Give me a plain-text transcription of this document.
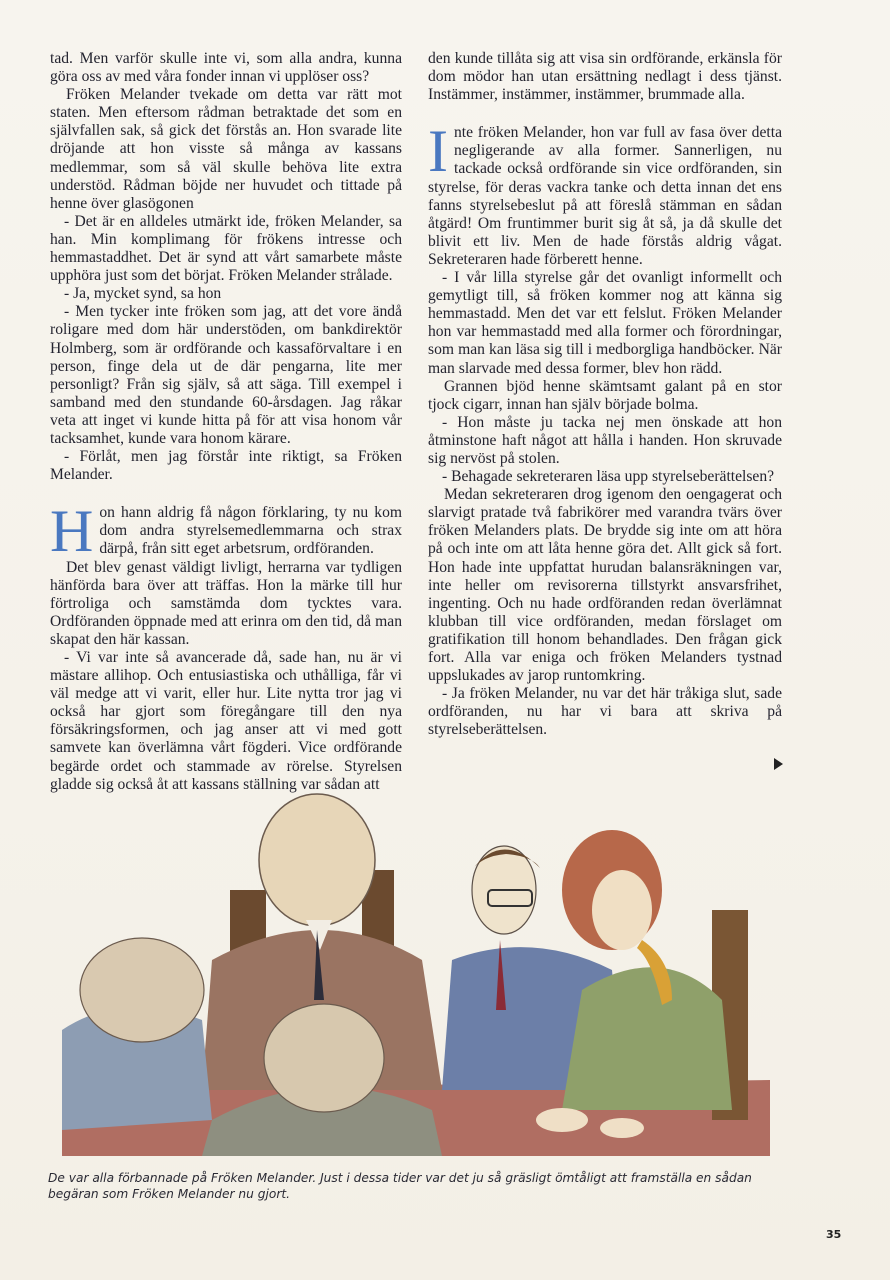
tad. Men varför skulle inte vi, som alla andra, kunna göra oss av med våra fonder innan vi upplöser oss?

Fröken Melander tvekade om detta var rätt mot staten. Men eftersom rådman betraktade det som en självfallen sak, så gick det förstås an. Hon svarade lite dröjande att hon visste så många av kassans medlemmar, som så väl skulle behöva lite extra understöd. Rådman böjde ner huvudet och tittade på henne över glasögonen

- Det är en alldeles utmärkt ide, fröken Melander, sa han. Min komplimang för frökens intresse och hemmastaddhet. Det är synd att vårt samarbete måste upphöra just som det börjat. Fröken Melander strålade.

- Ja, mycket synd, sa hon

- Men tycker inte fröken som jag, att det vore ändå roligare med dom här understöden, om bankdirektör Holmberg, som är ordförande och kassaförvaltare i en person, finge dela ut de där pengarna, lite mer personligt? Från sig själv, så att säga. Till exempel i samband med den stundande 60-årsdagen. Jag råkar veta att inget vi kunde hitta på för att visa honom vår tacksamhet, kunde vara honom kärare.

- Förlåt, men jag förstår inte riktigt, sa Fröken Melander.

Hon hann aldrig få någon förklaring, ty nu kom dom andra styrelsemedlemmarna och strax därpå, från sitt eget arbetsrum, ordföranden.

Det blev genast väldigt livligt, herrarna var tydligen hänförda bara över att träffas. Hon la märke till hur förtroliga och samstämda dom tycktes vara. Ordföranden öppnade med att erinra om den tid, då man skapat den här kassan.

- Vi var inte så avancerade då, sade han, nu är vi mästare allihop. Och entusiastiska och uthålliga, får vi väl medge att vi varit, eller hur. Lite nytta tror jag vi också har gjort som föregångare till den nya försäkringsformen, och jag anser att vi med gott samvete kan överlämna vårt fögderi. Vice ordförande begärde ordet och stammade av rörelse. Styrelsen gladde sig också åt att kassans ställning var sådan att

den kunde tillåta sig att visa sin ordförande, erkänsla för dom mödor han utan ersättning nedlagt i dess tjänst. Instämmer, instämmer, instämmer, brummade alla.

Inte fröken Melander, hon var full av fasa över detta negligerande av alla former. Sannerligen, nu tackade också ordförande sin vice ordföranden, sin styrelse, för deras vackra tanke och detta innan det ens fanns styrelsebeslut på att föreslå stämman en sådan åtgärd! Om fruntimmer burit sig åt så, ja då skulle det blivit ett liv. Men de hade förstås aldrig vågat. Sekreteraren hade förberett henne.

- I vår lilla styrelse går det ovanligt informellt och gemytligt till, så fröken kommer nog att känna sig hemmastadd. Men det var ett felslut. Fröken Melander hon var hemmastadd med alla former och förordningar, som man kan läsa sig till i medborgliga handböcker. När man slarvade med dessa former, blev hon rädd.

Grannen bjöd henne skämtsamt galant på en stor tjock cigarr, innan han själv började bolma.

- Hon måste ju tacka nej men önskade att hon åtminstone haft något att hålla i handen. Hon skruvade sig nervöst på stolen.

- Behagade sekreteraren läsa upp styrelseberättelsen?

Medan sekreteraren drog igenom den oengagerat och slarvigt pratade två fabrikörer med varandra tvärs över fröken Melanders plats. De brydde sig inte om att höra på och inte om att låta henne göra det. Allt gick så fort. Hon hade inte uppfattat hurudan balansräkningen var, inte heller om revisorerna tillstyrkt ansvarsfrihet, ingenting. Och nu hade ordföranden redan överlämnat klubban till vice ordföranden, medan förslaget om gratifikation till honom behandlades. Den frågan gick fort. Alla var eniga och fröken Melanders tystnad uppslukades av jarop runtomkring.

- Ja fröken Melander, nu var det här tråkiga slut, sade ordföranden, nu har vi bara att skriva på styrelseberättelsen.

De var alla förbannade på Fröken Melander. Just i dessa tider var det ju så gräsligt ömtåligt att framställa en sådan begäran som Fröken Melander nu gjort.
35
